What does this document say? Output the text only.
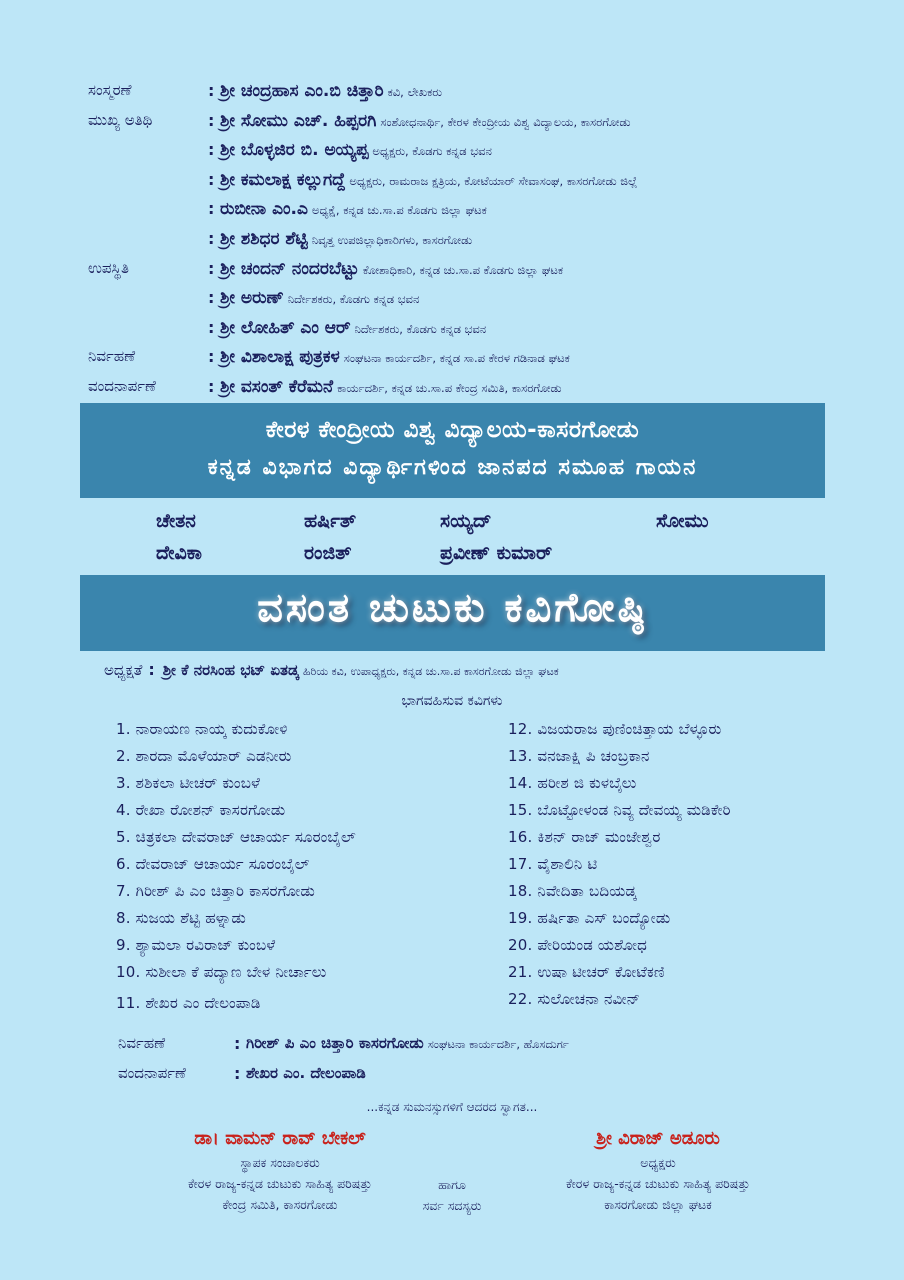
ಸಂಸ್ಮರಣೆ	: ಶ್ರೀ ಚಂದ್ರಹಾಸ ಎಂ.ಬಿ ಚಿತ್ತಾರಿ ಕವಿ, ಲೇಖಕರು
ಮುಖ್ಯ ಅತಿಥಿ	: ಶ್ರೀ ಸೋಮು ಎಚ್. ಹಿಪ್ಪರಗಿ ಸಂಶೋಧನಾರ್ಥಿ, ಕೇರಳ ಕೇಂದ್ರೀಯ ವಿಶ್ವ ವಿದ್ಯಾಲಯ, ಕಾಸರಗೋಡು
: ಶ್ರೀ ಬೊಳ್ಳಜಿರ ಬಿ. ಅಯ್ಯಪ್ಪ ಅಧ್ಯಕ್ಷರು, ಕೊಡಗು ಕನ್ನಡ ಭವನ
: ಶ್ರೀ ಕಮಲಾಕ್ಷ ಕಲ್ಲುಗದ್ದೆ ಅಧ್ಯಕ್ಷರು, ರಾಮರಾಜ ಕ್ಷತ್ರಿಯ, ಕೋಟೆಯಾರ್ ಸೇವಾಸಂಘ, ಕಾಸರಗೋಡು ಜಿಲ್ಲೆ
: ರುಬೀನಾ ಎಂ.ಎ ಅಧ್ಯಕ್ಷೆ, ಕನ್ನಡ ಚು.ಸಾ.ಪ ಕೊಡಗು ಜಿಲ್ಲಾ ಘಟಕ
: ಶ್ರೀ ಶಶಿಧರ ಶೆಟ್ಟಿ ನಿವೃತ್ತ ಉಪಜಿಲ್ಲಾಧಿಕಾರಿಗಳು, ಕಾಸರಗೋಡು
ಉಪಸ್ಥಿತಿ	: ಶ್ರೀ ಚಂದನ್ ನಂದರಬೆಟ್ಟು ಕೋಶಾಧಿಕಾರಿ, ಕನ್ನಡ ಚು.ಸಾ.ಪ ಕೊಡಗು ಜಿಲ್ಲಾ ಘಟಕ
: ಶ್ರೀ ಅರುಣ್ ನಿರ್ದೇಶಕರು, ಕೊಡಗು ಕನ್ನಡ ಭವನ
: ಶ್ರೀ ಲೋಹಿತ್ ಎಂ ಆರ್ ನಿರ್ದೇಶಕರು, ಕೊಡಗು ಕನ್ನಡ ಭವನ
ನಿರ್ವಹಣೆ	: ಶ್ರೀ ವಿಶಾಲಾಕ್ಷ ಪುತ್ರಕಳ ಸಂಘಟನಾ ಕಾರ್ಯದರ್ಶಿ, ಕನ್ನಡ ಸಾ.ಪ ಕೇರಳ ಗಡಿನಾಡ ಘಟಕ
ವಂದನಾರ್ಪಣೆ	: ಶ್ರೀ ವಸಂತ್ ಕೆರೆಮನೆ ಕಾರ್ಯದರ್ಶಿ, ಕನ್ನಡ ಚು.ಸಾ.ಪ ಕೇಂದ್ರ ಸಮಿತಿ, ಕಾಸರಗೋಡು
ಕೇರಳ ಕೇಂದ್ರೀಯ ವಿಶ್ವ ವಿದ್ಯಾಲಯ-ಕಾಸರಗೋಡು
ಕನ್ನಡ ವಿಭಾಗದ ವಿದ್ಯಾರ್ಥಿಗಳಿಂದ ಜಾನಪದ ಸಮೂಹ ಗಾಯನ
ಚೇತನ	ಹರ್ಷಿತ್	ಸಯ್ಯದ್	ಸೋಮು
ದೇವಿಕಾ	ರಂಜಿತ್	ಪ್ರವೀಣ್ ಕುಮಾರ್
ವಸಂತ ಚುಟುಕು ಕವಿಗೋಷ್ಠಿ
ಅಧ್ಯಕ್ಷತೆ : ಶ್ರೀ ಕೆ ನರಸಿಂಹ ಭಟ್ ಏತಡ್ಕ ಹಿರಿಯ ಕವಿ, ಉಪಾಧ್ಯಕ್ಷರು, ಕನ್ನಡ ಚು.ಸಾ.ಪ ಕಾಸರಗೋಡು ಜಿಲ್ಲಾ ಘಟಕ
ಭಾಗವಹಿಸುವ ಕವಿಗಳು
1. ನಾರಾಯಣ ನಾಯ್ಕ ಕುದುಕೋಳಿ
2. ಶಾರದಾ ಮೊಳೆಯಾರ್ ಎಡನೀರು
3. ಶಶಿಕಲಾ ಟೀಚರ್ ಕುಂಬಳೆ
4. ರೇಖಾ ರೋಶನ್ ಕಾಸರಗೋಡು
5. ಚಿತ್ರಕಲಾ ದೇವರಾಜ್ ಆಚಾರ್ಯ ಸೂರಂಬೈಲ್
6. ದೇವರಾಜ್ ಆಚಾರ್ಯ ಸೂರಂಬೈಲ್
7. ಗಿರೀಶ್ ಪಿ ಎಂ ಚಿತ್ತಾರಿ ಕಾಸರಗೋಡು
8. ಸುಜಯ ಶೆಟ್ಟಿ ಹಳ್ನಾಡು
9. ಶ್ಯಾಮಲಾ ರವಿರಾಜ್ ಕುಂಬಳೆ
10. ಸುಶೀಲಾ ಕೆ ಪದ್ಯಾಣ ಬೇಳ ನೀರ್ಚಾಲು
11. ಶೇಖರ ಎಂ ದೇಲಂಪಾಡಿ
12. ವಿಜಯರಾಜ ಪುಣಿಂಚಿತ್ತಾಯ ಬೆಳ್ಳೂರು
13. ವನಜಾಕ್ಷಿ ಪಿ ಚಂಬ್ರಕಾನ
14. ಹರೀಶ ಜಿ ಕುಳಬೈಲು
15. ಬೊಟ್ಟೋಳಂಡ ನಿವ್ಯ ದೇವಯ್ಯ ಮಡಿಕೇರಿ
16. ಕಿಶನ್ ರಾಜ್ ಮಂಜೇಶ್ವರ
17. ವೈಶಾಲಿನಿ ಟಿ
18. ನಿವೇದಿತಾ ಬದಿಯಡ್ಕ
19. ಹರ್ಷಿತಾ ಎಸ್ ಬಂದ್ಯೋಡು
20. ಪೇರಿಯಂಡ ಯಶೋಧ
21. ಉಷಾ ಟೀಚರ್ ಕೋಟೆಕಣಿ
22. ಸುಲೋಚನಾ ನವೀನ್
ನಿರ್ವಹಣೆ	: ಗಿರೀಶ್ ಪಿ ಎಂ ಚಿತ್ತಾರಿ ಕಾಸರಗೋಡು ಸಂಘಟನಾ ಕಾರ್ಯದರ್ಶಿ, ಹೊಸದುರ್ಗ
ವಂದನಾರ್ಪಣೆ	: ಶೇಖರ ಎಂ. ದೇಲಂಪಾಡಿ
...ಕನ್ನಡ ಸುಮನಸ್ಸುಗಳಿಗೆ ಆದರದ ಸ್ವಾಗತ...
ಡಾ। ವಾಮನ್ ರಾವ್ ಬೇಕಲ್
ಸ್ಥಾಪಕ ಸಂಚಾಲಕರು
ಕೇರಳ ರಾಜ್ಯ-ಕನ್ನಡ ಚುಟುಕು ಸಾಹಿತ್ಯ ಪರಿಷತ್ತು
ಕೇಂದ್ರ ಸಮಿತಿ, ಕಾಸರಗೋಡು
ಹಾಗೂ
ಸರ್ವ ಸದಸ್ಯರು
ಶ್ರೀ ವಿರಾಜ್ ಅಡೂರು
ಅಧ್ಯಕ್ಷರು
ಕೇರಳ ರಾಜ್ಯ-ಕನ್ನಡ ಚುಟುಕು ಸಾಹಿತ್ಯ ಪರಿಷತ್ತು
ಕಾಸರಗೋಡು ಜಿಲ್ಲಾ ಘಟಕ
